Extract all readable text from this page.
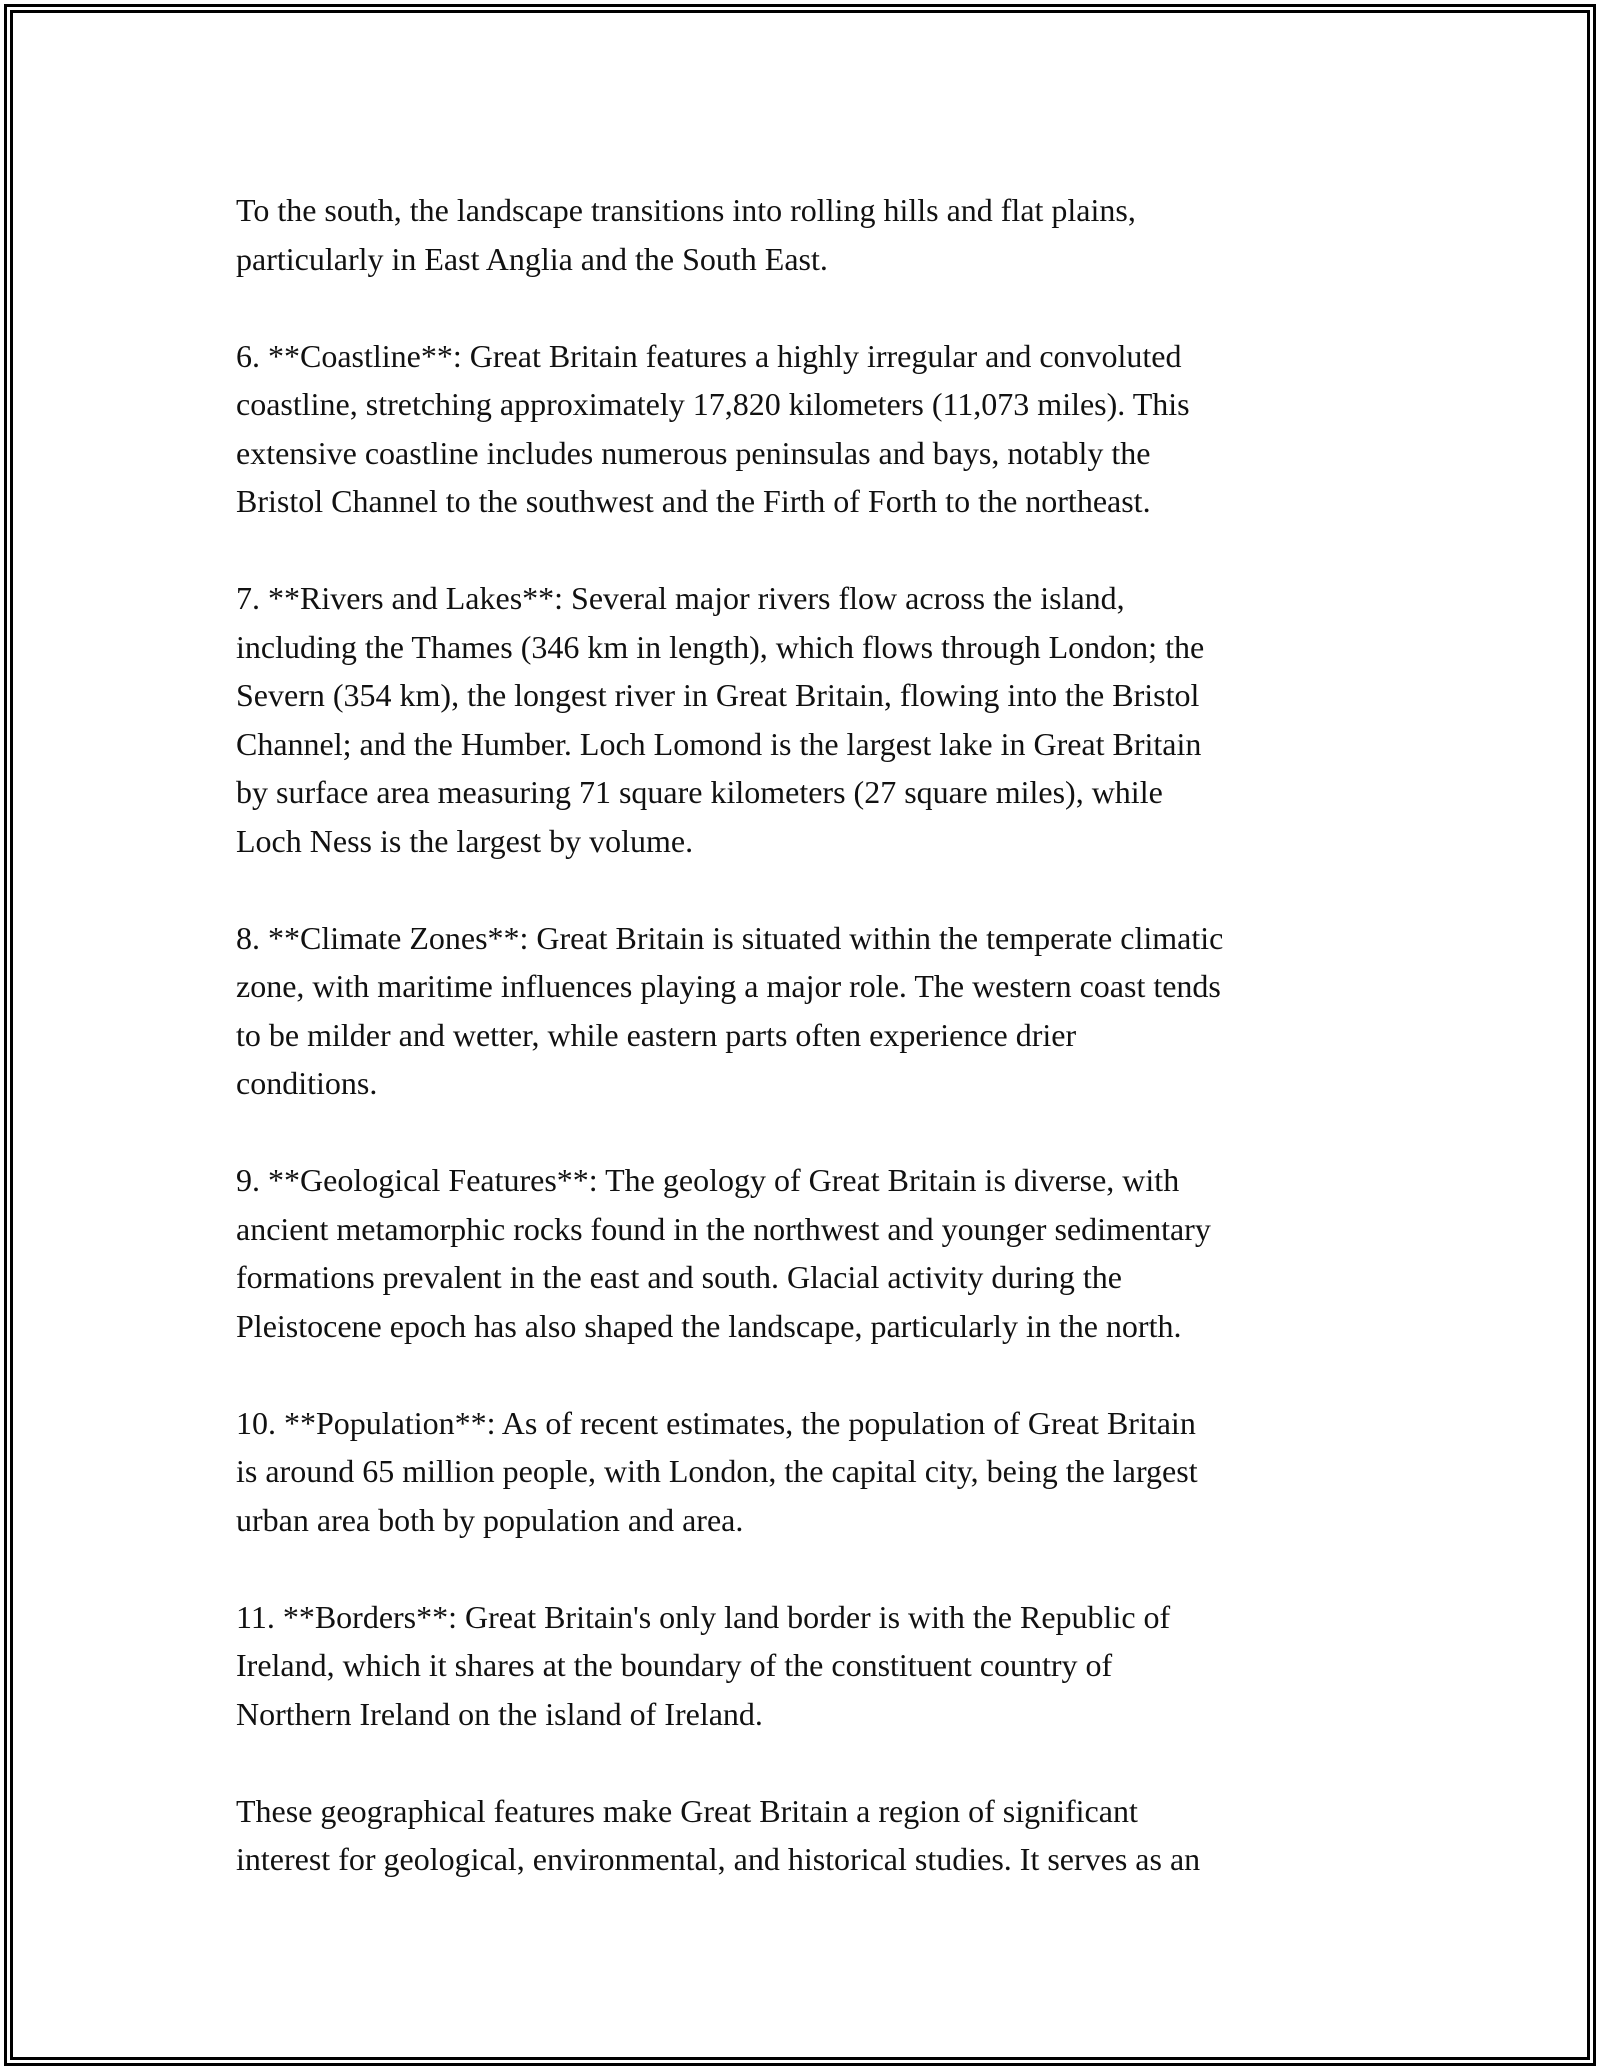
To the south, the landscape transitions into rolling hills and flat plains,
particularly in East Anglia and the South East.

6. **Coastline**: Great Britain features a highly irregular and convoluted
coastline, stretching approximately 17,820 kilometers (11,073 miles). This
extensive coastline includes numerous peninsulas and bays, notably the
Bristol Channel to the southwest and the Firth of Forth to the northeast.

7. **Rivers and Lakes**: Several major rivers flow across the island,
including the Thames (346 km in length), which flows through London; the
Severn (354 km), the longest river in Great Britain, flowing into the Bristol
Channel; and the Humber. Loch Lomond is the largest lake in Great Britain
by surface area measuring 71 square kilometers (27 square miles), while
Loch Ness is the largest by volume.

8. **Climate Zones**: Great Britain is situated within the temperate climatic
zone, with maritime influences playing a major role. The western coast tends
to be milder and wetter, while eastern parts often experience drier
conditions.

9. **Geological Features**: The geology of Great Britain is diverse, with
ancient metamorphic rocks found in the northwest and younger sedimentary
formations prevalent in the east and south. Glacial activity during the
Pleistocene epoch has also shaped the landscape, particularly in the north.

10. **Population**: As of recent estimates, the population of Great Britain
is around 65 million people, with London, the capital city, being the largest
urban area both by population and area.

11. **Borders**: Great Britain's only land border is with the Republic of
Ireland, which it shares at the boundary of the constituent country of
Northern Ireland on the island of Ireland.

These geographical features make Great Britain a region of significant
interest for geological, environmental, and historical studies. It serves as an
